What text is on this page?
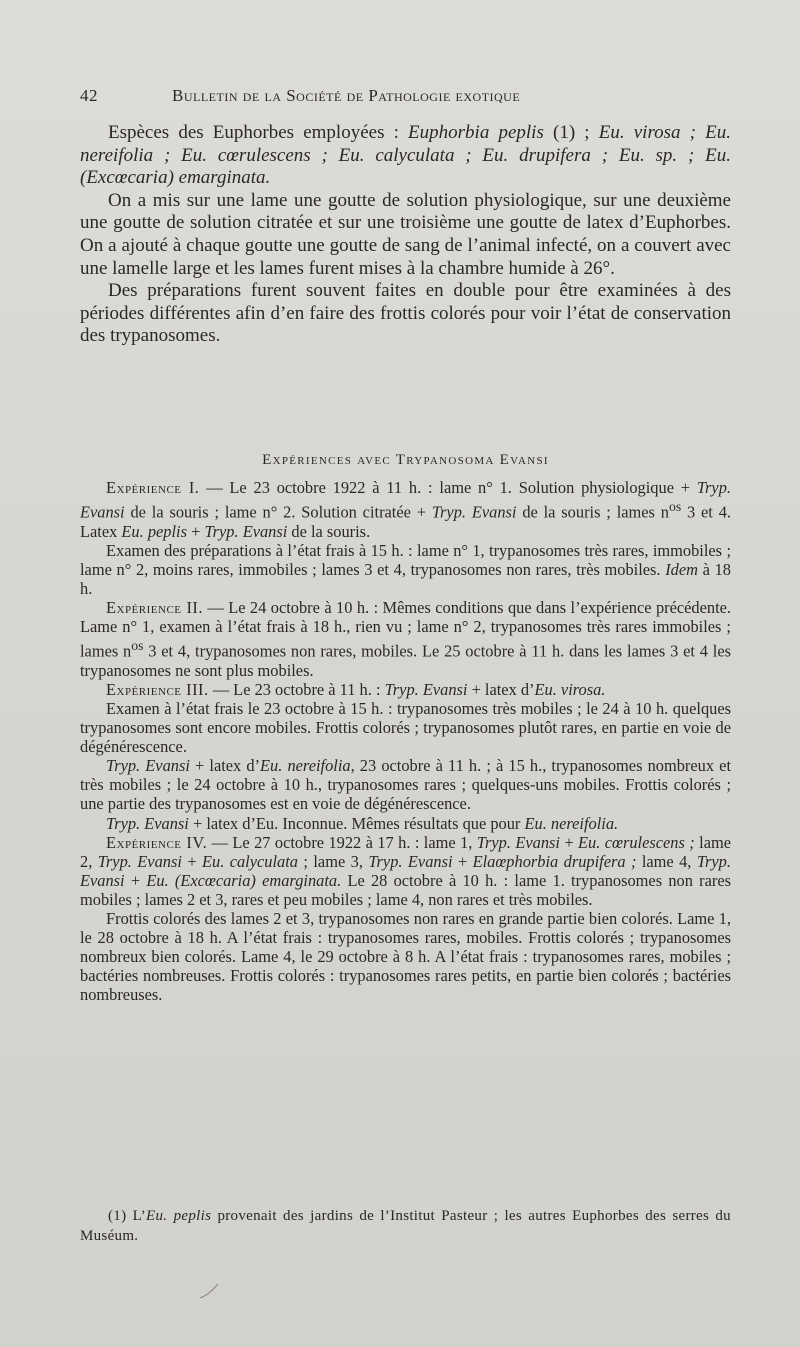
42	Bulletin de la Société de Pathologie exotique

Espèces des Euphorbes employées : Euphorbia peplis (1) ; Eu. virosa ; Eu. nereifolia ; Eu. cœrulescens ; Eu. calyculata ; Eu. drupifera ; Eu. sp. ; Eu. (Excœcaria) emarginata.

On a mis sur une lame une goutte de solution physiologique, sur une deuxième une goutte de solution citratée et sur une troisième une goutte de latex d’Euphorbes. On a ajouté à chaque goutte une goutte de sang de l’animal infecté, on a couvert avec une lamelle large et les lames furent mises à la chambre humide à 26°.

Des préparations furent souvent faites en double pour être examinées à des périodes différentes afin d’en faire des frottis colorés pour voir l’état de conservation des trypanosomes.

Expériences avec Trypanosoma Evansi

Expérience I. — Le 23 octobre 1922 à 11 h. : lame n° 1. Solution physiologique + Tryp. Evansi de la souris ; lame n° 2. Solution citratée + Tryp. Evansi de la souris ; lames $n^{os}$ 3 et 4. Latex Eu. peplis + Tryp. Evansi de la souris.

Examen des préparations à l’état frais à 15 h. : lame n° 1, trypanosomes très rares, immobiles ; lame n° 2, moins rares, immobiles ; lames 3 et 4, trypanosomes non rares, très mobiles. Idem à 18 h.

Expérience II. — Le 24 octobre à 10 h. : Mêmes conditions que dans l’expérience précédente. Lame n° 1, examen à l’état frais à 18 h., rien vu ; lame n° 2, trypanosomes très rares immobiles ; lames $n^{os}$ 3 et 4, trypanosomes non rares, mobiles. Le 25 octobre à 11 h. dans les lames 3 et 4 les trypanosomes ne sont plus mobiles.

Expérience III. — Le 23 octobre à 11 h. : Tryp. Evansi + latex d’Eu. virosa.

Examen à l’état frais le 23 octobre à 15 h. : trypanosomes très mobiles ; le 24 à 10 h. quelques trypanosomes sont encore mobiles. Frottis colorés ; trypanosomes plutôt rares, en partie en voie de dégénérescence.

Tryp. Evansi + latex d’Eu. nereifolia, 23 octobre à 11 h. ; à 15 h., trypanosomes nombreux et très mobiles ; le 24 octobre à 10 h., trypanosomes rares ; quelques-uns mobiles. Frottis colorés ; une partie des trypanosomes est en voie de dégénérescence.

Tryp. Evansi + latex d’Eu. Inconnue. Mêmes résultats que pour Eu. nereifolia.

Expérience IV. — Le 27 octobre 1922 à 17 h. : lame 1, Tryp. Evansi + Eu. cœrulescens ; lame 2, Tryp. Evansi + Eu. calyculata ; lame 3, Tryp. Evansi + Elaœphorbia drupifera ; lame 4, Tryp. Evansi + Eu. (Excœcaria) emarginata. Le 28 octobre à 10 h. : lame 1. trypanosomes non rares mobiles ; lames 2 et 3, rares et peu mobiles ; lame 4, non rares et très mobiles.

Frottis colorés des lames 2 et 3, trypanosomes non rares en grande partie bien colorés. Lame 1, le 28 octobre à 18 h. A l’état frais : trypanosomes rares, mobiles. Frottis colorés ; trypanosomes nombreux bien colorés. Lame 4, le 29 octobre à 8 h. A l’état frais : trypanosomes rares, mobiles ; bactéries nombreuses. Frottis colorés : trypanosomes rares petits, en partie bien colorés ; bactéries nombreuses.

(1) L’Eu. peplis provenait des jardins de l’Institut Pasteur ; les autres Euphorbes des serres du Muséum.
